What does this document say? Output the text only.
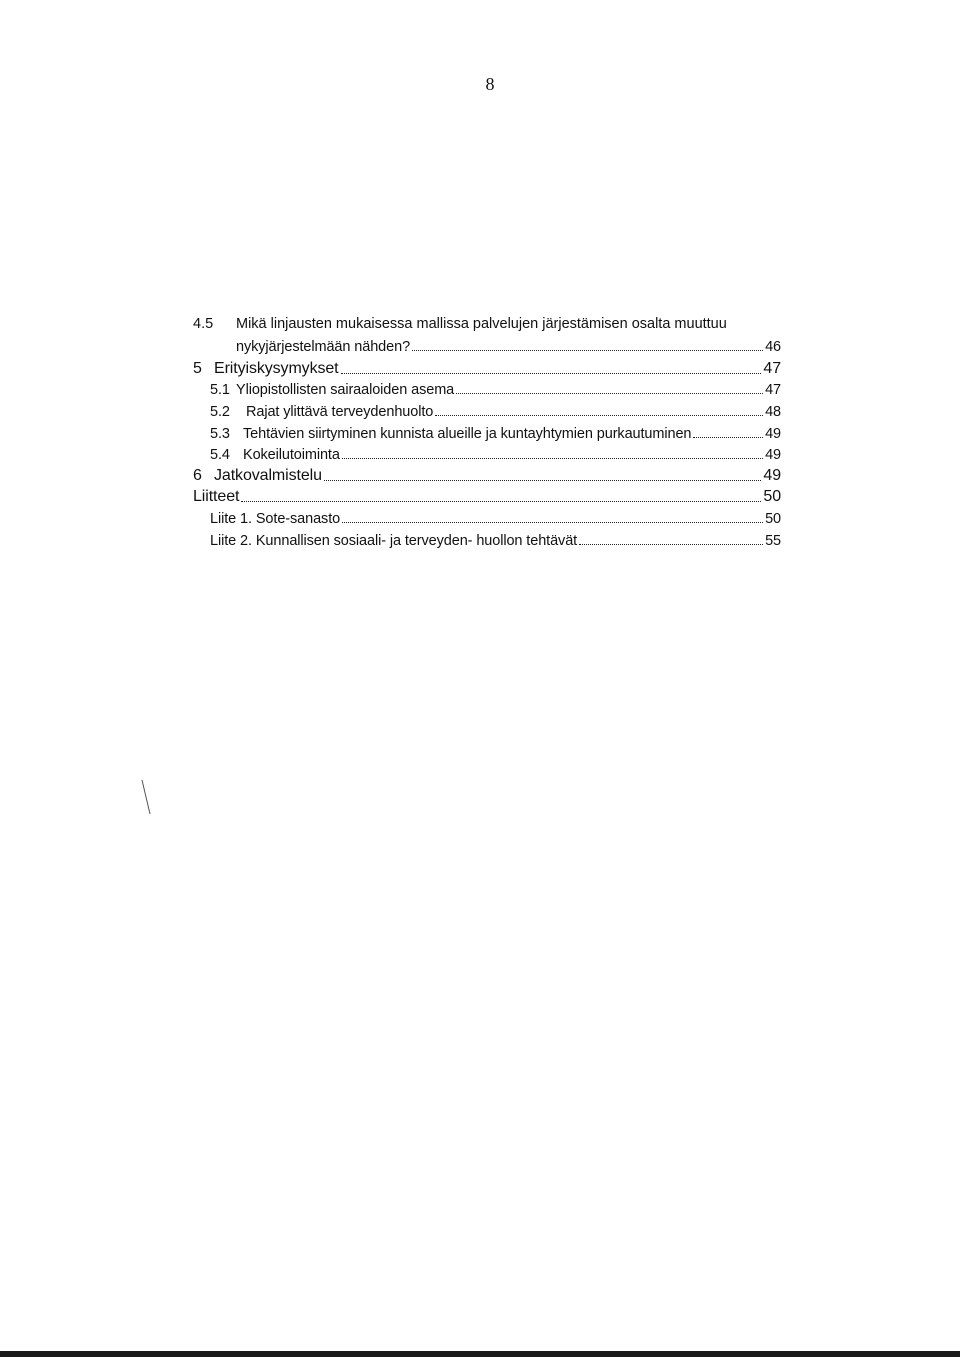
8
4.5 Mikä linjausten mukaisessa mallissa palvelujen järjestämisen osalta muuttuu
nykyjärjestelmään nähden?	46
5 Erityiskysymykset	47
5.1 Yliopistollisten sairaaloiden asema	47
5.2	Rajat ylittävä terveydenhuolto	48
5.3 Tehtävien siirtyminen kunnista alueille ja kuntayhtymien purkautuminen	49
5.4 Kokeilutoiminta	49
6 Jatkovalmistelu	49
Liitteet	50
Liite 1. Sote-sanasto	50
Liite 2. Kunnallisen sosiaali- ja terveyden- huollon tehtävät	55
